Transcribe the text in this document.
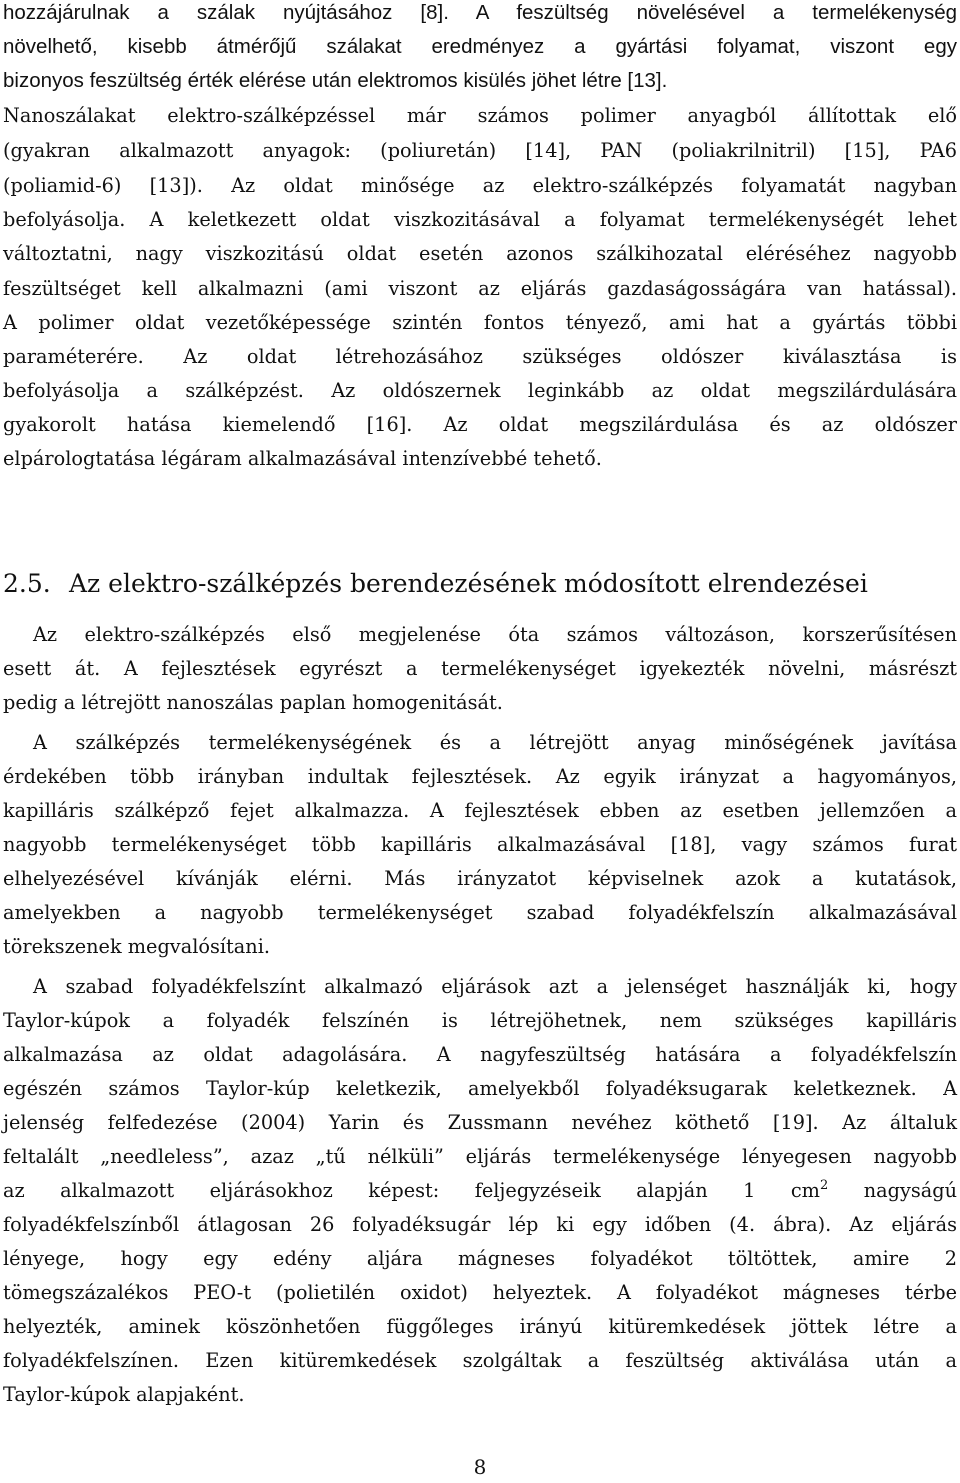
hozzájárulnak a szálak nyújtásához [8]. A feszültség növelésével a termelékenység
növelhető, kisebb átmérőjű szálakat eredményez a gyártási folyamat, viszont egy
bizonyos feszültség érték elérése után elektromos kisülés jöhet létre [13].
Nanoszálakat elektro-szálképzéssel már számos polimer anyagból állítottak elő
(gyakran alkalmazott anyagok: (poliuretán) [14], PAN (poliakrilnitril) [15], PA6
(poliamid-6) [13]). Az oldat minősége az elektro-szálképzés folyamatát nagyban
befolyásolja. A keletkezett oldat viszkozitásával a folyamat termelékenységét lehet
változtatni, nagy viszkozitású oldat esetén azonos szálkihozatal eléréséhez nagyobb
feszültséget kell alkalmazni (ami viszont az eljárás gazdaságosságára van hatással).
A polimer oldat vezetőképessége szintén fontos tényező, ami hat a gyártás többi
paraméterére. Az oldat létrehozásához szükséges oldószer kiválasztása is
befolyásolja a szálképzést. Az oldószernek leginkább az oldat megszilárdulására
gyakorolt hatása kiemelendő [16]. Az oldat megszilárdulása és az oldószer
elpárologtatása légáram alkalmazásával intenzívebbé tehető.
2.5. Az elektro-szálképzés berendezésének módosított elrendezései
Az elektro-szálképzés első megjelenése óta számos változáson, korszerűsítésen
esett át. A fejlesztések egyrészt a termelékenységet igyekezték növelni, másrészt
pedig a létrejött nanoszálas paplan homogenitását.
A szálképzés termelékenységének és a létrejött anyag minőségének javítása
érdekében több irányban indultak fejlesztések. Az egyik irányzat a hagyományos,
kapilláris szálképző fejet alkalmazza. A fejlesztések ebben az esetben jellemzően a
nagyobb termelékenységet több kapilláris alkalmazásával [18], vagy számos furat
elhelyezésével kívánják elérni. Más irányzatot képviselnek azok a kutatások,
amelyekben a nagyobb termelékenységet szabad folyadékfelszín alkalmazásával
törekszenek megvalósítani.
A szabad folyadékfelszínt alkalmazó eljárások azt a jelenséget használják ki, hogy
Taylor-kúpok a folyadék felszínén is létrejöhetnek, nem szükséges kapilláris
alkalmazása az oldat adagolására. A nagyfeszültség hatására a folyadékfelszín
egészén számos Taylor-kúp keletkezik, amelyekből folyadéksugarak keletkeznek. A
jelenség felfedezése (2004) Yarin és Zussmann nevéhez köthető [19]. Az általuk
feltalált „needleless”, azaz „tű nélküli” eljárás termelékenysége lényegesen nagyobb
az alkalmazott eljárásokhoz képest: feljegyzéseik alapján 1 $cm^2$ nagyságú
folyadékfelszínből átlagosan 26 folyadéksugár lép ki egy időben (4. ábra). Az eljárás
lényege, hogy egy edény aljára mágneses folyadékot töltöttek, amire 2
tömegszázalékos PEO-t (polietilén oxidot) helyeztek. A folyadékot mágneses térbe
helyezték, aminek köszönhetően függőleges irányú kitüremkedések jöttek létre a
folyadékfelszínen. Ezen kitüremkedések szolgáltak a feszültség aktiválása után a
Taylor-kúpok alapjaként.
8
